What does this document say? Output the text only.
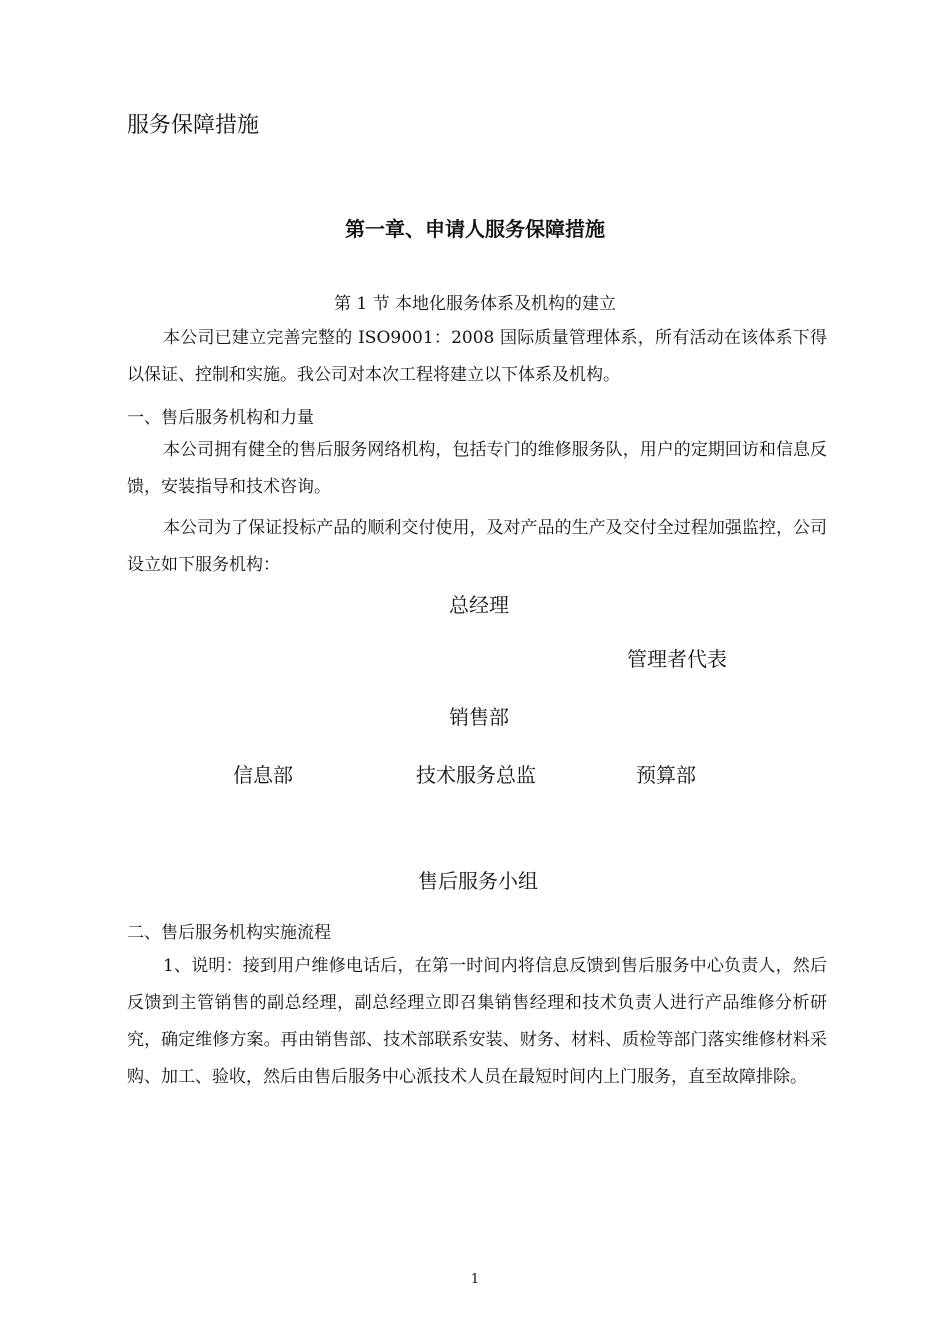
服务保障措施
第一章、申请人服务保障措施
第 1 节 本地化服务体系及机构的建立
本公司已建立完善完整的 ISO9001：2008 国际质量管理体系，所有活动在该体系下得以保证、控制和实施。我公司对本次工程将建立以下体系及机构。
一、售后服务机构和力量
本公司拥有健全的售后服务网络机构，包括专门的维修服务队，用户的定期回访和信息反馈，安装指导和技术咨询。
本公司为了保证投标产品的顺利交付使用，及对产品的生产及交付全过程加强监控，公司设立如下服务机构：
总经理
管理者代表
销售部
信息部	技术服务总监	预算部
售后服务小组
二、售后服务机构实施流程
1、说明：接到用户维修电话后，在第一时间内将信息反馈到售后服务中心负责人，然后反馈到主管销售的副总经理，副总经理立即召集销售经理和技术负责人进行产品维修分析研究，确定维修方案。再由销售部、技术部联系安装、财务、材料、质检等部门落实维修材料采购、加工、验收，然后由售后服务中心派技术人员在最短时间内上门服务，直至故障排除。
1
